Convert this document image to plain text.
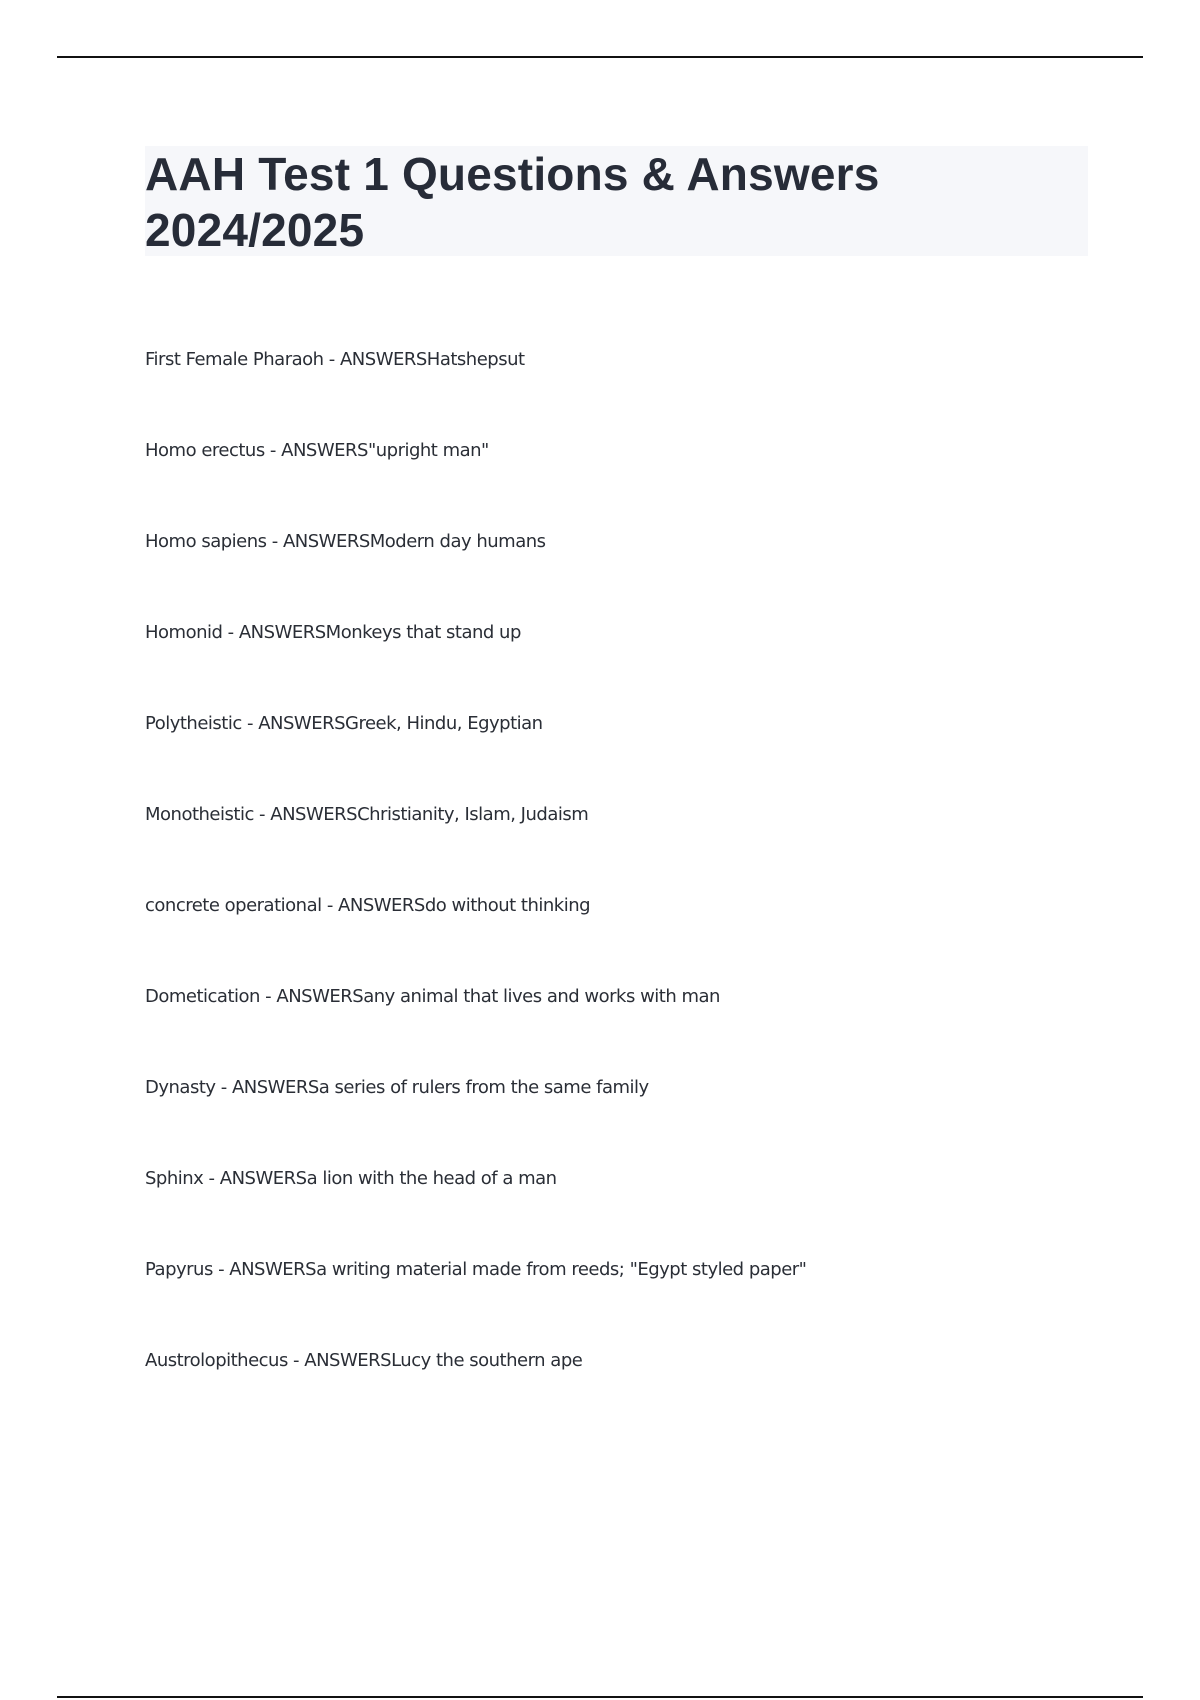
AAH Test 1 Questions & Answers
2024/2025
First Female Pharaoh - ANSWERSHatshepsut
Homo erectus - ANSWERS"upright man"
Homo sapiens - ANSWERSModern day humans
Homonid - ANSWERSMonkeys that stand up
Polytheistic - ANSWERSGreek, Hindu, Egyptian
Monotheistic - ANSWERSChristianity, Islam, Judaism
concrete operational - ANSWERSdo without thinking
Dometication - ANSWERSany animal that lives and works with man
Dynasty - ANSWERSa series of rulers from the same family
Sphinx - ANSWERSa lion with the head of a man
Papyrus - ANSWERSa writing material made from reeds; "Egypt styled paper"
Austrolopithecus - ANSWERSLucy the southern ape
